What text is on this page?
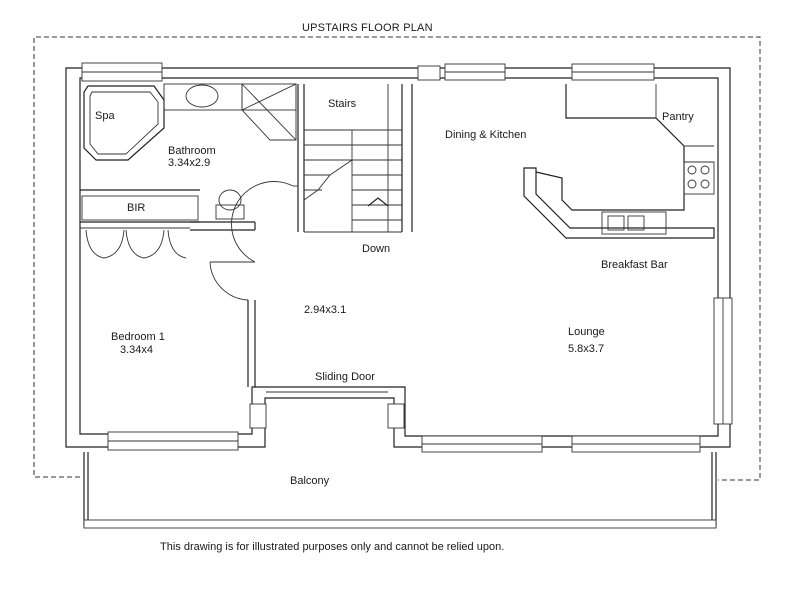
UPSTAIRS FLOOR PLAN
Spa
Bathroom
3.34x2.9
BIR
Stairs
Down
Dining & Kitchen
Pantry
Breakfast Bar
2.94x3.1
Bedroom 1
3.34x4
Lounge
5.8x3.7
Sliding Door
Balcony
This drawing is for illustrated purposes only and cannot be relied upon.
